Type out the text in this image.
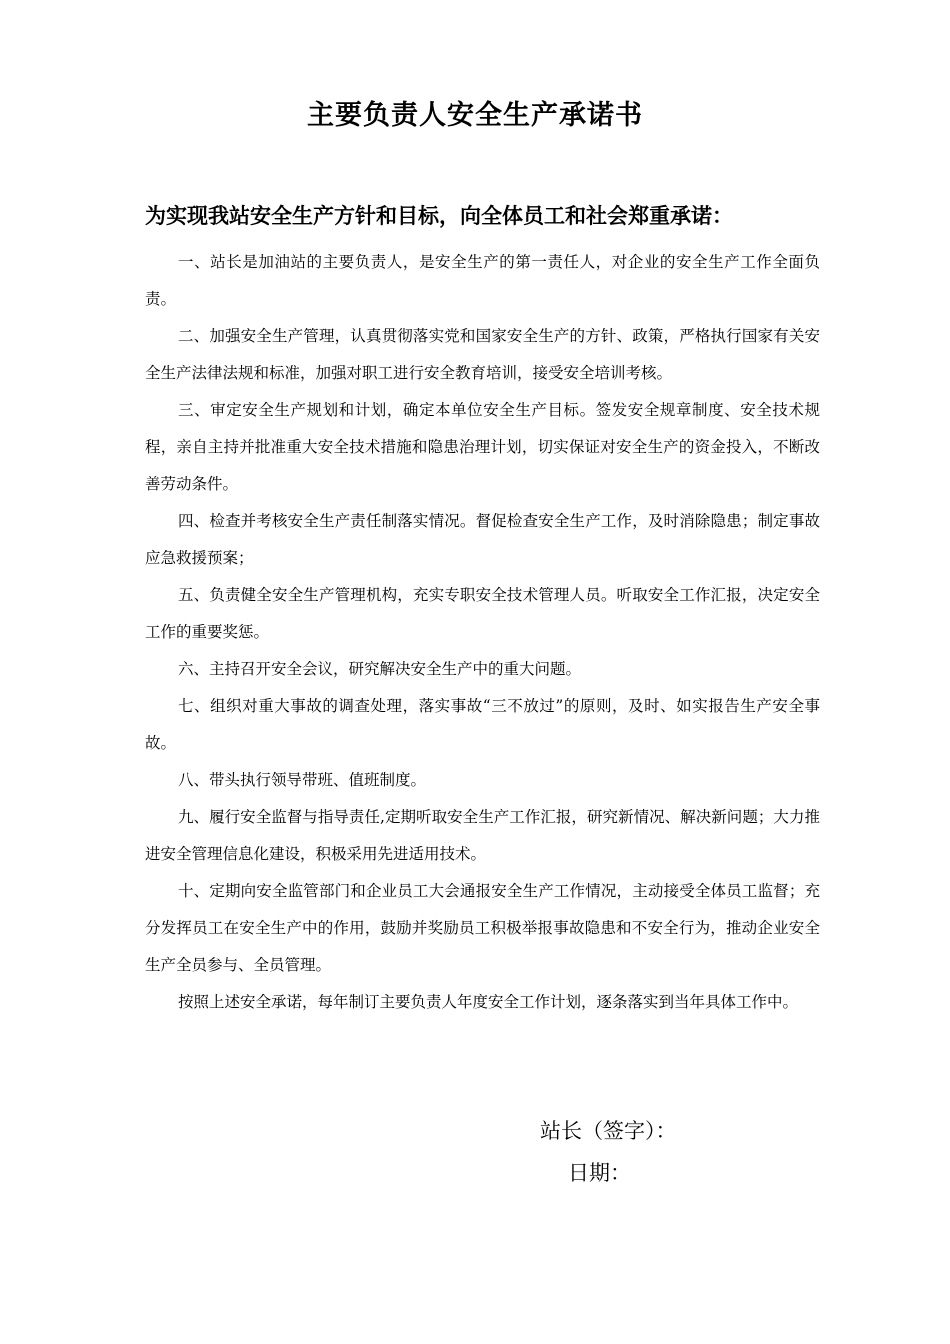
主要负责人安全生产承诺书

为实现我站安全生产方针和目标，向全体员工和社会郑重承诺：

一、站长是加油站的主要负责人，是安全生产的第一责任人，对企业的安全生产工作全面负责。

二、加强安全生产管理，认真贯彻落实党和国家安全生产的方针、政策，严格执行国家有关安全生产法律法规和标准，加强对职工进行安全教育培训，接受安全培训考核。

三、审定安全生产规划和计划，确定本单位安全生产目标。签发安全规章制度、安全技术规程，亲自主持并批准重大安全技术措施和隐患治理计划，切实保证对安全生产的资金投入，不断改善劳动条件。

四、检查并考核安全生产责任制落实情况。督促检查安全生产工作，及时消除隐患；制定事故应急救援预案；

五、负责健全安全生产管理机构，充实专职安全技术管理人员。听取安全工作汇报，决定安全工作的重要奖惩。

六、主持召开安全会议，研究解决安全生产中的重大问题。

七、组织对重大事故的调查处理，落实事故“三不放过”的原则，及时、如实报告生产安全事故。

八、带头执行领导带班、值班制度。

九、履行安全监督与指导责任,定期听取安全生产工作汇报，研究新情况、解决新问题；大力推进安全管理信息化建设，积极采用先进适用技术。

十、定期向安全监管部门和企业员工大会通报安全生产工作情况，主动接受全体员工监督；充分发挥员工在安全生产中的作用，鼓励并奖励员工积极举报事故隐患和不安全行为，推动企业安全生产全员参与、全员管理。

按照上述安全承诺，每年制订主要负责人年度安全工作计划，逐条落实到当年具体工作中。

站长（签字）：
日期：
